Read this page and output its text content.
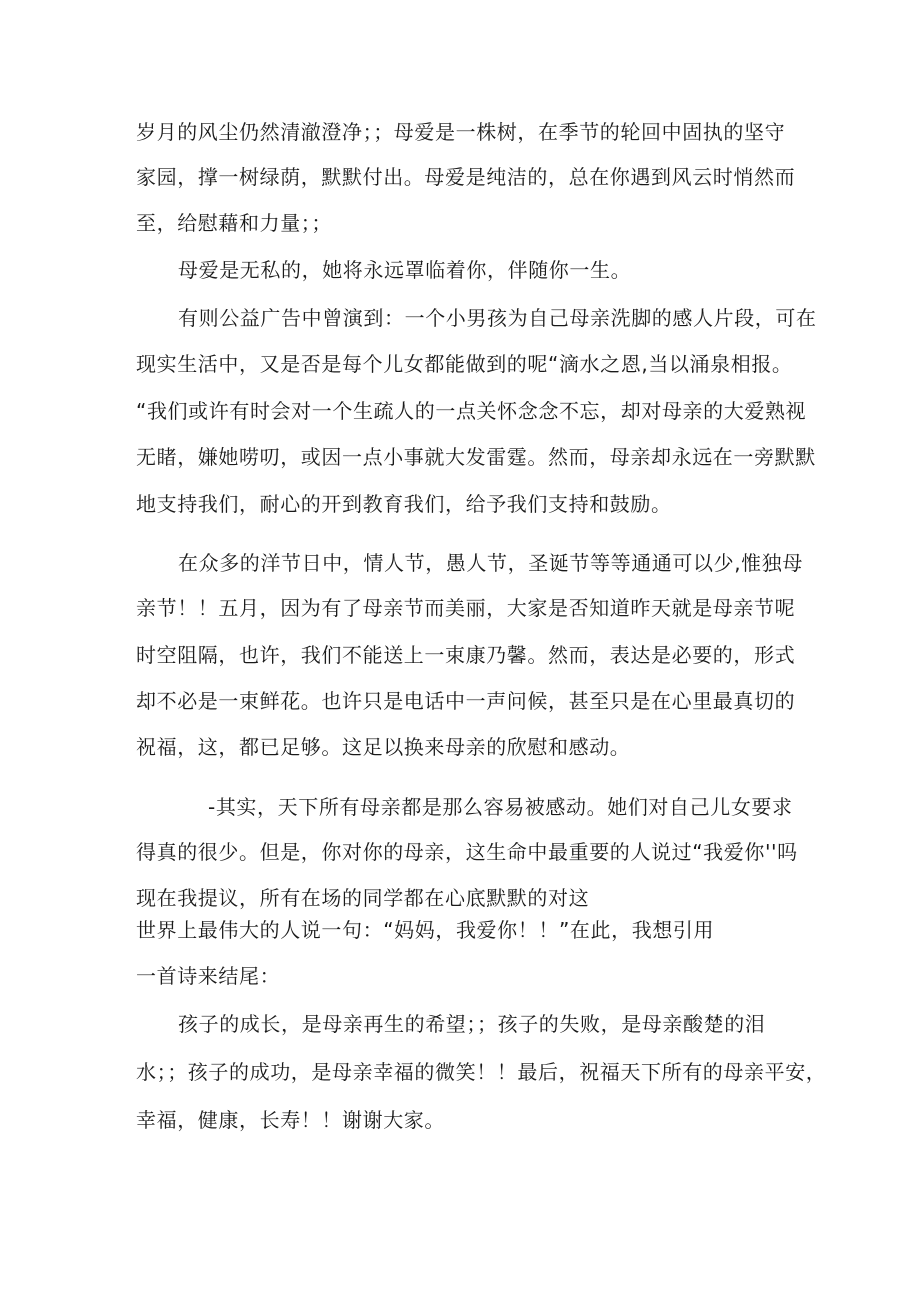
岁月的风尘仍然清澈澄净；；母爱是一株树，在季节的轮回中固执的坚守
家园，撑一树绿荫，默默付出。母爱是纯洁的，总在你遇到风云时悄然而
至，给慰藉和力量；；
母爱是无私的，她将永远罩临着你，伴随你一生。
有则公益广告中曾演到：一个小男孩为自己母亲洗脚的感人片段，可在
现实生活中，又是否是每个儿女都能做到的呢“滴水之恩,当以涌泉相报。
“我们或许有时会对一个生疏人的一点关怀念念不忘，却对母亲的大爱熟视
无睹，嫌她唠叨，或因一点小事就大发雷霆。然而，母亲却永远在一旁默默
地支持我们，耐心的开到教育我们，给予我们支持和鼓励。
在众多的洋节日中，情人节，愚人节，圣诞节等等通通可以少,惟独母
亲节！！五月，因为有了母亲节而美丽，大家是否知道昨天就是母亲节呢
时空阻隔，也许，我们不能送上一束康乃馨。然而，表达是必要的，形式
却不必是一束鲜花。也许只是电话中一声问候，甚至只是在心里最真切的
祝福，这，都已足够。这足以换来母亲的欣慰和感动。
-其实，天下所有母亲都是那么容易被感动。她们对自己儿女要求
得真的很少。但是，你对你的母亲，这生命中最重要的人说过“我爱你''吗
现在我提议，所有在场的同学都在心底默默的对这
世界上最伟大的人说一句：“妈妈，我爱你！！”在此，我想引用
一首诗来结尾：
孩子的成长，是母亲再生的希望；；孩子的失败，是母亲酸楚的泪
水；；孩子的成功，是母亲幸福的微笑！！最后，祝福天下所有的母亲平安，
幸福，健康，长寿！！谢谢大家。
